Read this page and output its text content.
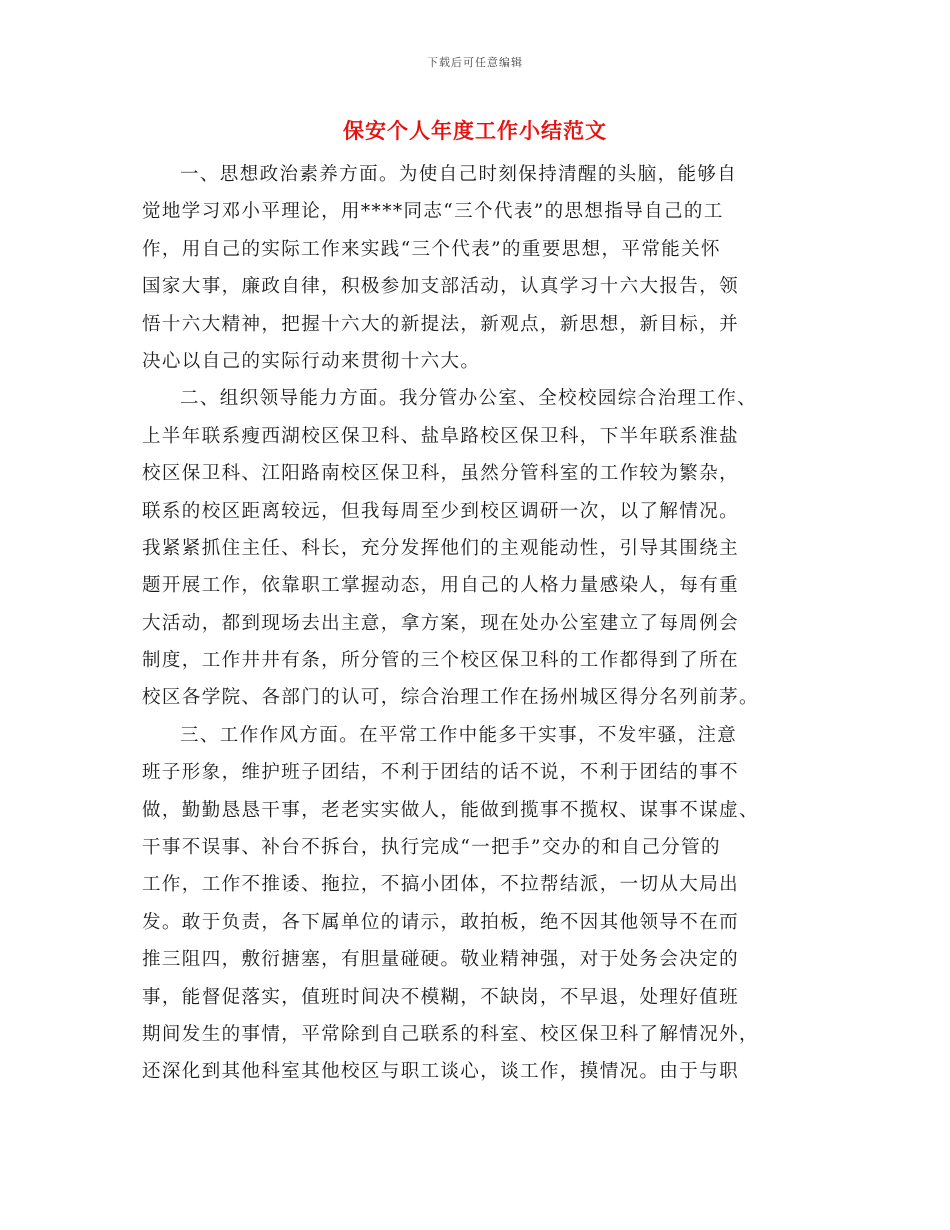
下载后可任意编辑
保安个人年度工作小结范文
一、思想政治素养方面。为使自己时刻保持清醒的头脑，能够自
觉地学习邓小平理论，用****同志“三个代表”的思想指导自己的工
作，用自己的实际工作来实践“三个代表”的重要思想，平常能关怀
国家大事，廉政自律，积极参加支部活动，认真学习十六大报告，领
悟十六大精神，把握十六大的新提法，新观点，新思想，新目标，并
决心以自己的实际行动来贯彻十六大。
二、组织领导能力方面。我分管办公室、全校校园综合治理工作、
上半年联系瘦西湖校区保卫科、盐阜路校区保卫科，下半年联系淮盐
校区保卫科、江阳路南校区保卫科，虽然分管科室的工作较为繁杂，
联系的校区距离较远，但我每周至少到校区调研一次，以了解情况。
我紧紧抓住主任、科长，充分发挥他们的主观能动性，引导其围绕主
题开展工作，依靠职工掌握动态，用自己的人格力量感染人，每有重
大活动，都到现场去出主意，拿方案，现在处办公室建立了每周例会
制度，工作井井有条，所分管的三个校区保卫科的工作都得到了所在
校区各学院、各部门的认可，综合治理工作在扬州城区得分名列前茅。
三、工作作风方面。在平常工作中能多干实事，不发牢骚，注意
班子形象，维护班子团结，不利于团结的话不说，不利于团结的事不
做，勤勤恳恳干事，老老实实做人，能做到揽事不揽权、谋事不谋虚、
干事不误事、补台不拆台，执行完成“一把手”交办的和自己分管的
工作，工作不推诿、拖拉，不搞小团体，不拉帮结派，一切从大局出
发。敢于负责，各下属单位的请示，敢拍板，绝不因其他领导不在而
推三阻四，敷衍搪塞，有胆量碰硬。敬业精神强，对于处务会决定的
事，能督促落实，值班时间决不模糊，不缺岗，不早退，处理好值班
期间发生的事情，平常除到自己联系的科室、校区保卫科了解情况外，
还深化到其他科室其他校区与职工谈心，谈工作，摸情况。由于与职
